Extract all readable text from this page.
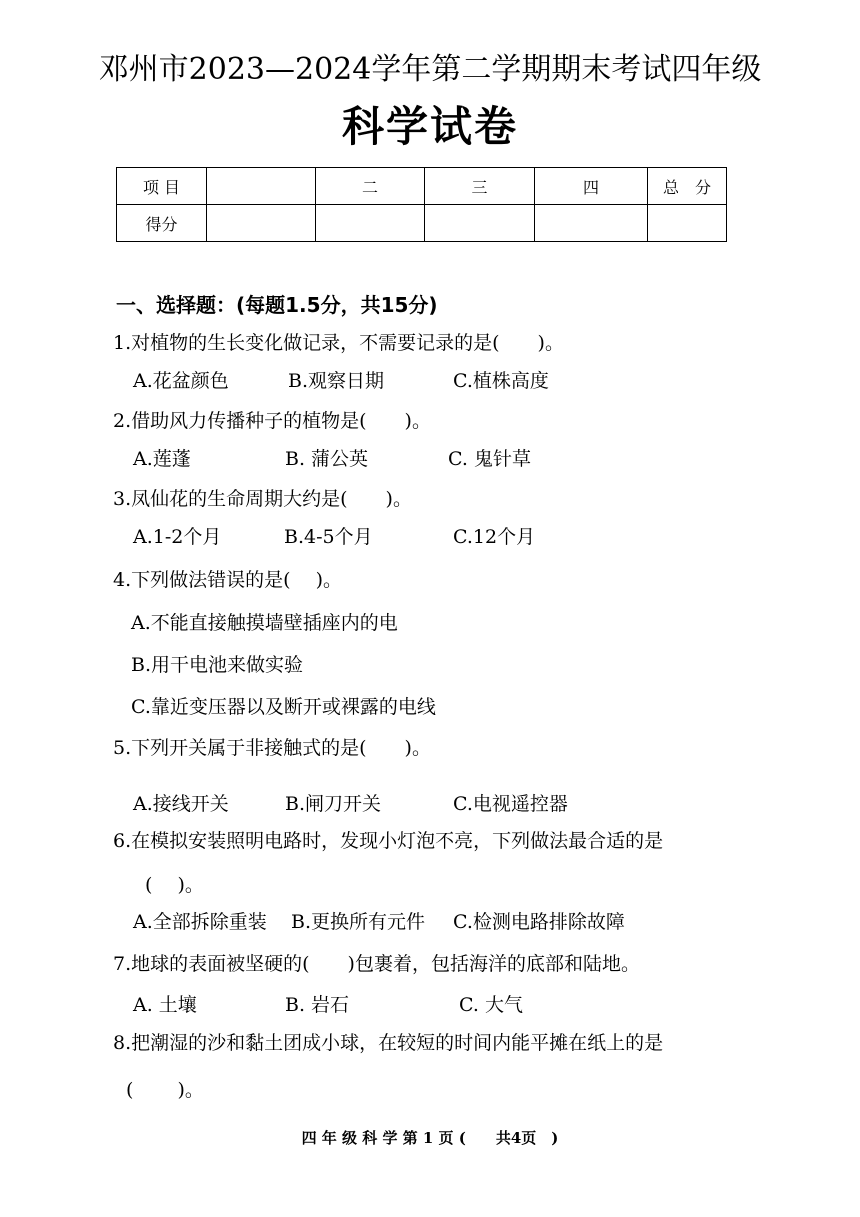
邓州市2023—2024学年第二学期期末考试四年级
科学试卷
项 目		二	三	四	总　分
得分					
一、选择题：(每题1.5分，共15分)
1.对植物的生长变化做记录，不需要记录的是(　　)。
A.花盆颜色	B.观察日期	C.植株高度
2.借助风力传播种子的植物是(　　)。
A.莲蓬	B. 蒲公英	C. 鬼针草
3.凤仙花的生命周期大约是(　　)。
A.1-2个月	B.4-5个月	C.12个月
4.下列做法错误的是(　 )。
A.不能直接触摸墙壁插座内的电
B.用干电池来做实验
C.靠近变压器以及断开或裸露的电线
5.下列开关属于非接触式的是(　　)。
A.接线开关	B.闸刀开关	C.电视遥控器
6.在模拟安装照明电路时，发现小灯泡不亮，下列做法最合适的是
(　 )。
A.全部拆除重装 B.更换所有元件 C.检测电路排除故障
7.地球的表面被坚硬的(　　)包裹着，包括海洋的底部和陆地。
A. 土壤	B. 岩石	C. 大气
8.把潮湿的沙和黏土团成小球，在较短的时间内能平摊在纸上的是
(　　 )。
四 年 级 科 学 第 1 页 (　　共4页　)
